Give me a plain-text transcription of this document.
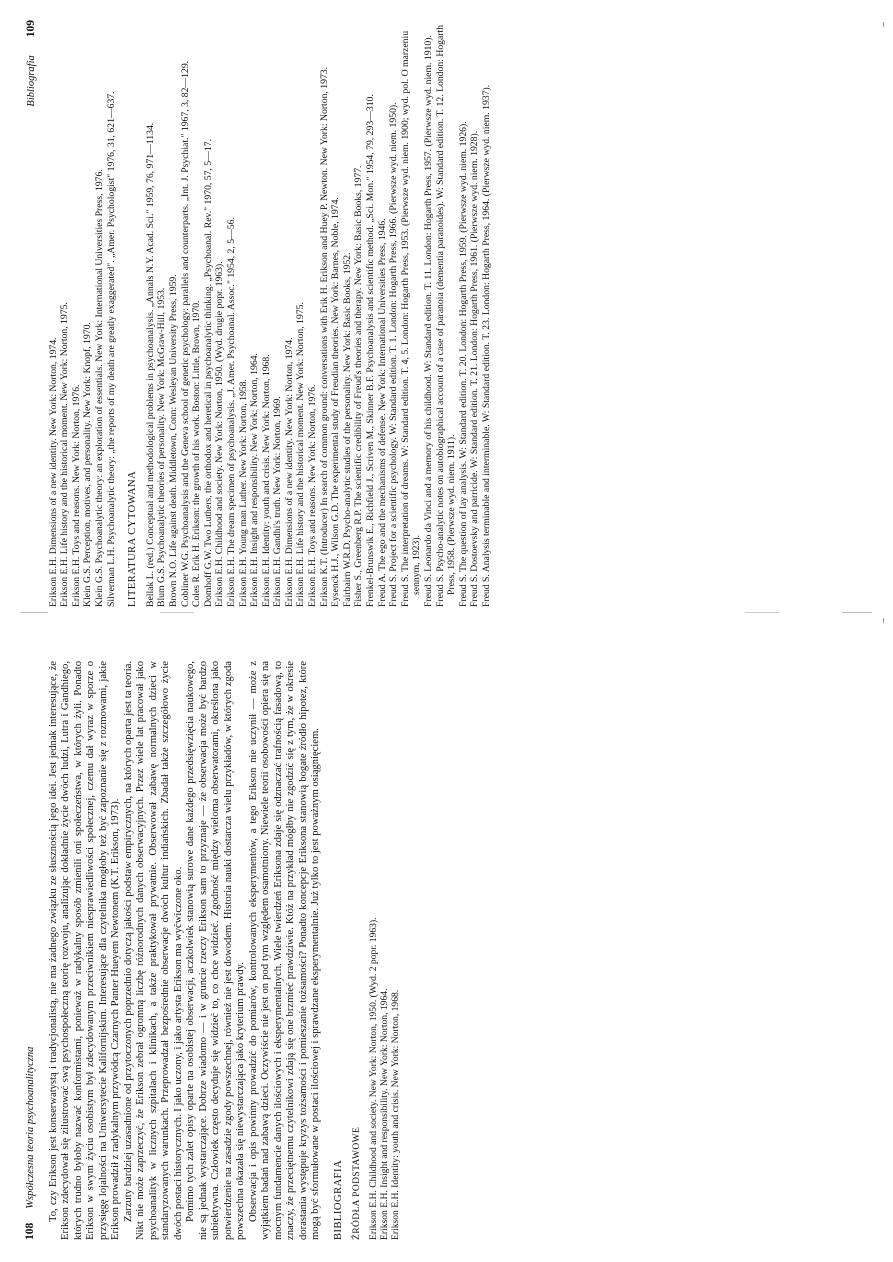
108
Współczesna teoria psychoanalityczna To, czy Erikson jest konserwatystą i tradycjonalistą, nie ma żadnego związku ze słusznością jego idei. Jest jednak interesujące, że Erikson zdecydował się zilustrować swą psychospołeczną teorię rozwoju, analizując dokładnie życie dwóch ludzi, Lutra i Gandhiego, których trudno byłoby nazwać konformistami, ponieważ w radykalny sposób zmienili oni społeczeństwa, w których żyli. Ponadto Erikson w swym życiu osobistym był zdecydowanym przeciwnikiem niesprawiedliwości społecznej, czemu dał wyraz w sporze o przysięgę lojalności na Uniwersytecie Kalifornijskim. Interesujące dla czytelnika mogłoby też być zapoznanie się z rozmowami, jakie Erikson prowadził z radykalnym przywódcą Czarnych Panter Hueyem Newtonem (K.T. Erikson, 1973). Zarzuty bardziej uzasadnione od przytoczonych poprzednio dotyczą jakości podstaw empirycznych, na których oparta jest ta teoria. Nikt nie może zaprzeczyć, że Erikson zebrał ogromną liczbę różnorodnych danych obserwacyjnych. Przez wiele lat pracował jako psychoanalityk w licznych szpitalach i klinikach, a także praktykował prywatnie. Obserwował zabawę normalnych dzieci w standaryzowanych warunkach. Przeprowadzał bezpośrednie obserwacje dwóch kultur indiańskich. Zbadał także szczegółowo życie dwóch postaci historycznych. I jako uczony, i jako artysta Erikson ma wyćwiczone oko. Pomimo tych zalet opisy oparte na osobistej obserwacji, aczkolwiek stanowią surowe dane każdego przedsięwzięcia naukowego, nie są jednak wystarczające. Dobrze wiadomo — i w gruncie rzeczy Erikson sam to przyznaje — że obserwacja może być bardzo subiektywna. Człowiek często decyduje się widzieć to, co chce widzieć. Zgodność między wieloma obserwatorami, określona jako potwierdzenie na zasadzie zgody powszechnej, również nie jest dowodem. Historia nauki dostarcza wielu przykładów, w których zgoda powszechna okazała się niewystarczająca jako kryterium prawdy. Obserwacja i opis powinny prowadzić do pomiarów, kontrolowanych eksperymentów, a tego Erikson nie uczynił — może z wyjątkiem badań nad zabawą dzieci. Oczywiście nie jest on pod tym względem osamotniony. Niewiele teorii osobowości opiera się na mocnym fundamencie danych ilościowych i eksperymentalnych. Wiele twierdzeń Eriksona zdaje się odznaczać trafnością fasadową, to znaczy, że przeciętnemu czytelnikowi zdają się one brzmieć prawdziwie. Któż na przykład mógłby nie zgodzić się z tym, że w okresie dorastania występuje kryzys tożsamości i pomieszanie tożsamości? Ponadto koncepcje Eriksona stanowią bogate źródło hipotez, które mogą być sformułowane w postaci ilościowej i sprawdzane eksperymentalnie. Już tylko to jest poważnym osiągnięciem. BIBLIOGRAFIA ŹRÓDŁA PODSTAWOWE Erikson E.H. Childhood and society. New York: Norton, 1950. (Wyd. 2 popr. 1963). Erikson E.H. Insight and responsibility. New York: Norton, 1964. Erikson E.H. Identity: youth and crisis. New York: Norton, 1968.
Bibliografia
109
Erikson E.H. Dimensions of a new identity. New York: Norton, 1974. Erikson E.H. Life history and the historical moment. New York: Norton, 1975. Erikson E.H. Toys and reasons. New York: Norton, 1976. Klein G.S. Perception, motives, and personality. New York: Knopf, 1970. Klein G.S. Psychoanalytic theory: an exploration of essentials. New York: International Universities Press, 1976. Silverman L.H. Psychoanalytic theory: „the reports of my death are greatly exaggerated". „Amer. Psychologist" 1976, 31, 621—637. LITERATURA CYTOWANA Bellak L. (red.) Conceptual and methodological problems in psychoanalysis. „Annals N.Y. Acad. Sci." 1959, 76, 971—1134. Blum G.S. Psychoanalytic theories of personality. New York: McGraw-Hill, 1953. Brown N.O. Life against death. Middletown, Conn: Wesleyan University Press, 1959. Cobliner W.G. Psychoanalysis and the Geneva school of genetic psychology: parallels and counterparts. „Int. J. Psychiat." 1967, 3, 82—129. Coles R. Erik H. Erikson: the growth of his work. Boston: Little, Brown, 1970. Domhoff G.W. Two Luthers, the orthodox and heretical in psychoanalytic thinking. „Psychoanal. Rev." 1970, 57, 5—17. Erikson E.H. Childhood and society. New York: Norton, 1950. (Wyd. drugie popr. 1963). Erikson E.H. The dream specimen of psychoanalysis. „J. Amer. Psychoanal. Assoc." 1954, 2, 5—56. Erikson E.H. Young man Luther. New York: Norton, 1958. Erikson E.H. Insight and responsibility. New York: Norton, 1964. Erikson E.H. Identity: youth and crisis. New York: Norton, 1968. Erikson E.H. Gandhi's truth. New York: Norton, 1969. Erikson E.H. Dimensions of a new identity. New York: Norton, 1974. Erikson E.H. Life history and the historical moment. New York: Norton, 1975. Erikson E.H. Toys and reasons. New York: Norton, 1976. Erikson K.T. (Introducer) In search of common ground: conversations with Erik H. Erikson and Huey P. Newton. New York: Norton, 1973. Eysenck H.J., Wilson G.D. The experimental study of Freudian theories. New York: Barnes, Noble, 1974. Fairbairn W.R.D. Psycho-analytic studies of the personality. New York: Basic Books, 1952. Fisher S., Greenberg R.P. The scientific credibility of Freud's theories and therapy. New York: Basic Books, 1977. Frenkel-Brunswik E., Richfield J., Scriven M., Skinner B.F. Psychoanalysis and scientific method. „Sci. Mon." 1954, 79, 293—310. Freud A. The ego and the mechanisms of defense. New York: International Universities Press, 1946. Freud S. Project for a scientific psychology. W: Standard edition. T. 1. London: Hogarth Press, 1966. (Pierwsze wyd. niem. 1950). Freud S. The interpretation of dreams. W: Standard edition. T. 4, 5. London: Hogarth Press, 1953. (Pierwsze wyd. niem. 1900; wyd. pol. O marzeniu sennym, 1923). Freud S. Leonardo da Vinci and a memory of his childhood. W: Standard edition. T. 11. London: Hogarth Press, 1957. (Pierwsze wyd. niem. 1910). Freud S. Psycho-analytic notes on autobiographical account of a case of paranoia (dementia paranoides). W: Standard edition. T. 12. London: Hogarth Press, 1958. (Pierwsze wyd. niem. 1911). Freud S. The question of lay analysis. W: Standard edition. T. 20. London: Hogarth Press, 1959. (Pierwsze wyd. niem. 1926). Freud S. Dostoevsky and parricide. W: Standard edition. T. 21. London: Hogarth Press, 1961. (Pierwsze wyd. niem. 1928). Freud S. Analysis terminable and interminable. W: Standard edition. T. 23. London: Hogarth Press, 1964. (Pierwsze wyd. niem. 1937).
